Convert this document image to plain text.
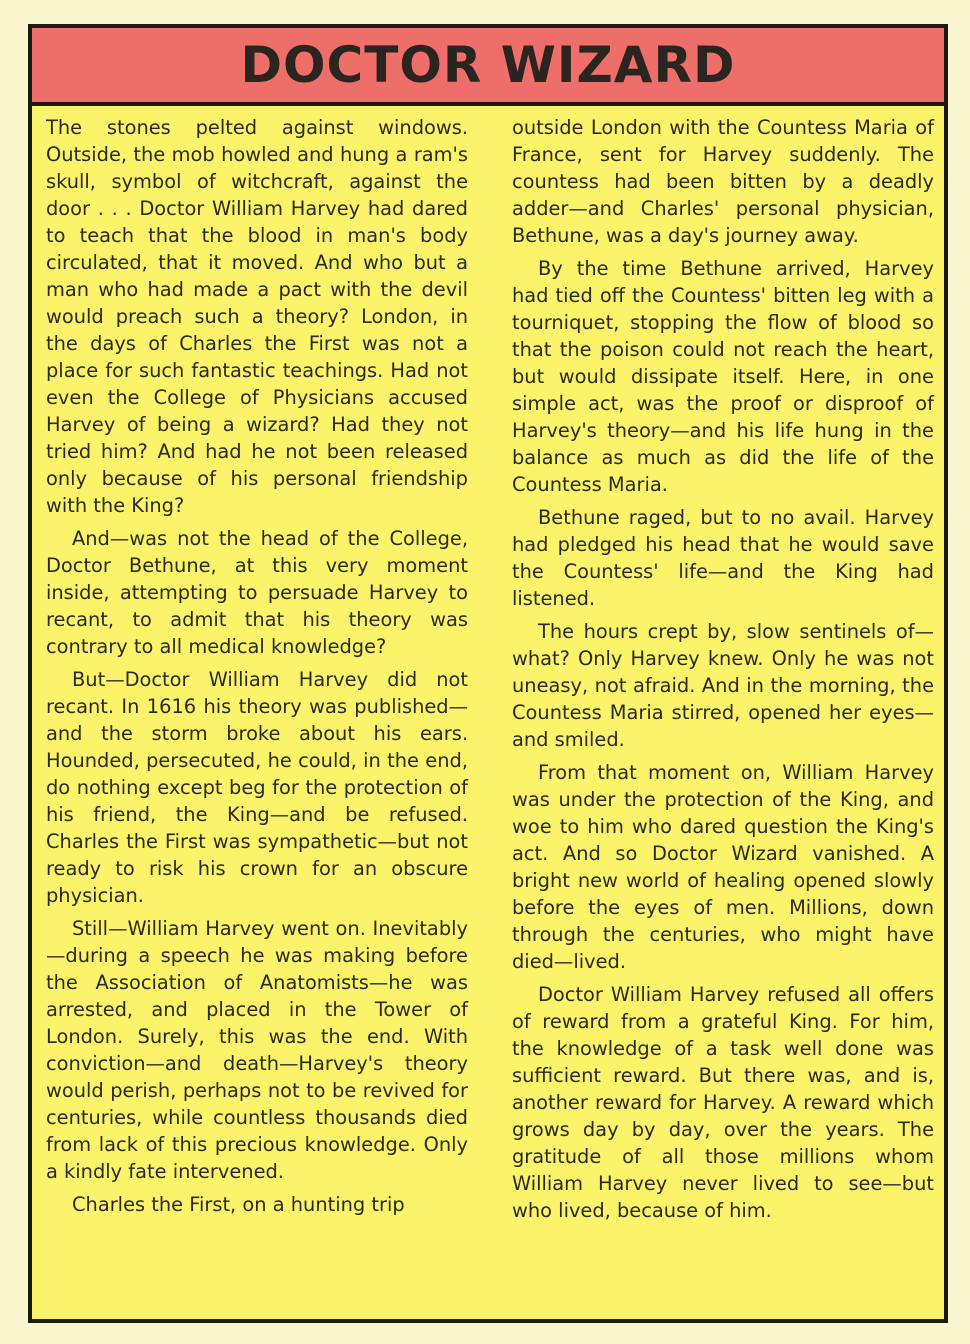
DOCTOR WIZARD

The stones pelted against windows. Outside, the mob howled and hung a ram's skull, symbol of witchcraft, against the door . . . Doctor William Harvey had dared to teach that the blood in man's body circulated, that it moved. And who but a man who had made a pact with the devil would preach such a theory? London, in the days of Charles the First was not a place for such fantastic teachings. Had not even the College of Physicians accused Harvey of being a wizard? Had they not tried him? And had he not been released only because of his personal friendship with the King?

And—was not the head of the College, Doctor Bethune, at this very moment inside, attempting to persuade Harvey to recant, to admit that his theory was contrary to all medical knowledge?

But—Doctor William Harvey did not recant. In 1616 his theory was published—and the storm broke about his ears. Hounded, persecuted, he could, in the end, do nothing except beg for the protection of his friend, the King—and be refused. Charles the First was sympathetic—but not ready to risk his crown for an obscure physician.

Still—William Harvey went on. Inevitably—during a speech he was making before the Association of Anatomists—he was arrested, and placed in the Tower of London. Surely, this was the end. With conviction—and death—Harvey's theory would perish, perhaps not to be revived for centuries, while countless thousands died from lack of this precious knowledge. Only a kindly fate intervened.

Charles the First, on a hunting trip

outside London with the Countess Maria of France, sent for Harvey suddenly. The countess had been bitten by a deadly adder—and Charles' personal physician, Bethune, was a day's journey away.

By the time Bethune arrived, Harvey had tied off the Countess' bitten leg with a tourniquet, stopping the flow of blood so that the poison could not reach the heart, but would dissipate itself. Here, in one simple act, was the proof or disproof of Harvey's theory—and his life hung in the balance as much as did the life of the Countess Maria.

Bethune raged, but to no avail. Harvey had pledged his head that he would save the Countess' life—and the King had listened.

The hours crept by, slow sentinels of—what? Only Harvey knew. Only he was not uneasy, not afraid. And in the morning, the Countess Maria stirred, opened her eyes—and smiled.

From that moment on, William Harvey was under the protection of the King, and woe to him who dared question the King's act. And so Doctor Wizard vanished. A bright new world of healing opened slowly before the eyes of men. Millions, down through the centuries, who might have died—lived.

Doctor William Harvey refused all offers of reward from a grateful King. For him, the knowledge of a task well done was sufficient reward. But there was, and is, another reward for Harvey. A reward which grows day by day, over the years. The gratitude of all those millions whom William Harvey never lived to see—but who lived, because of him.
